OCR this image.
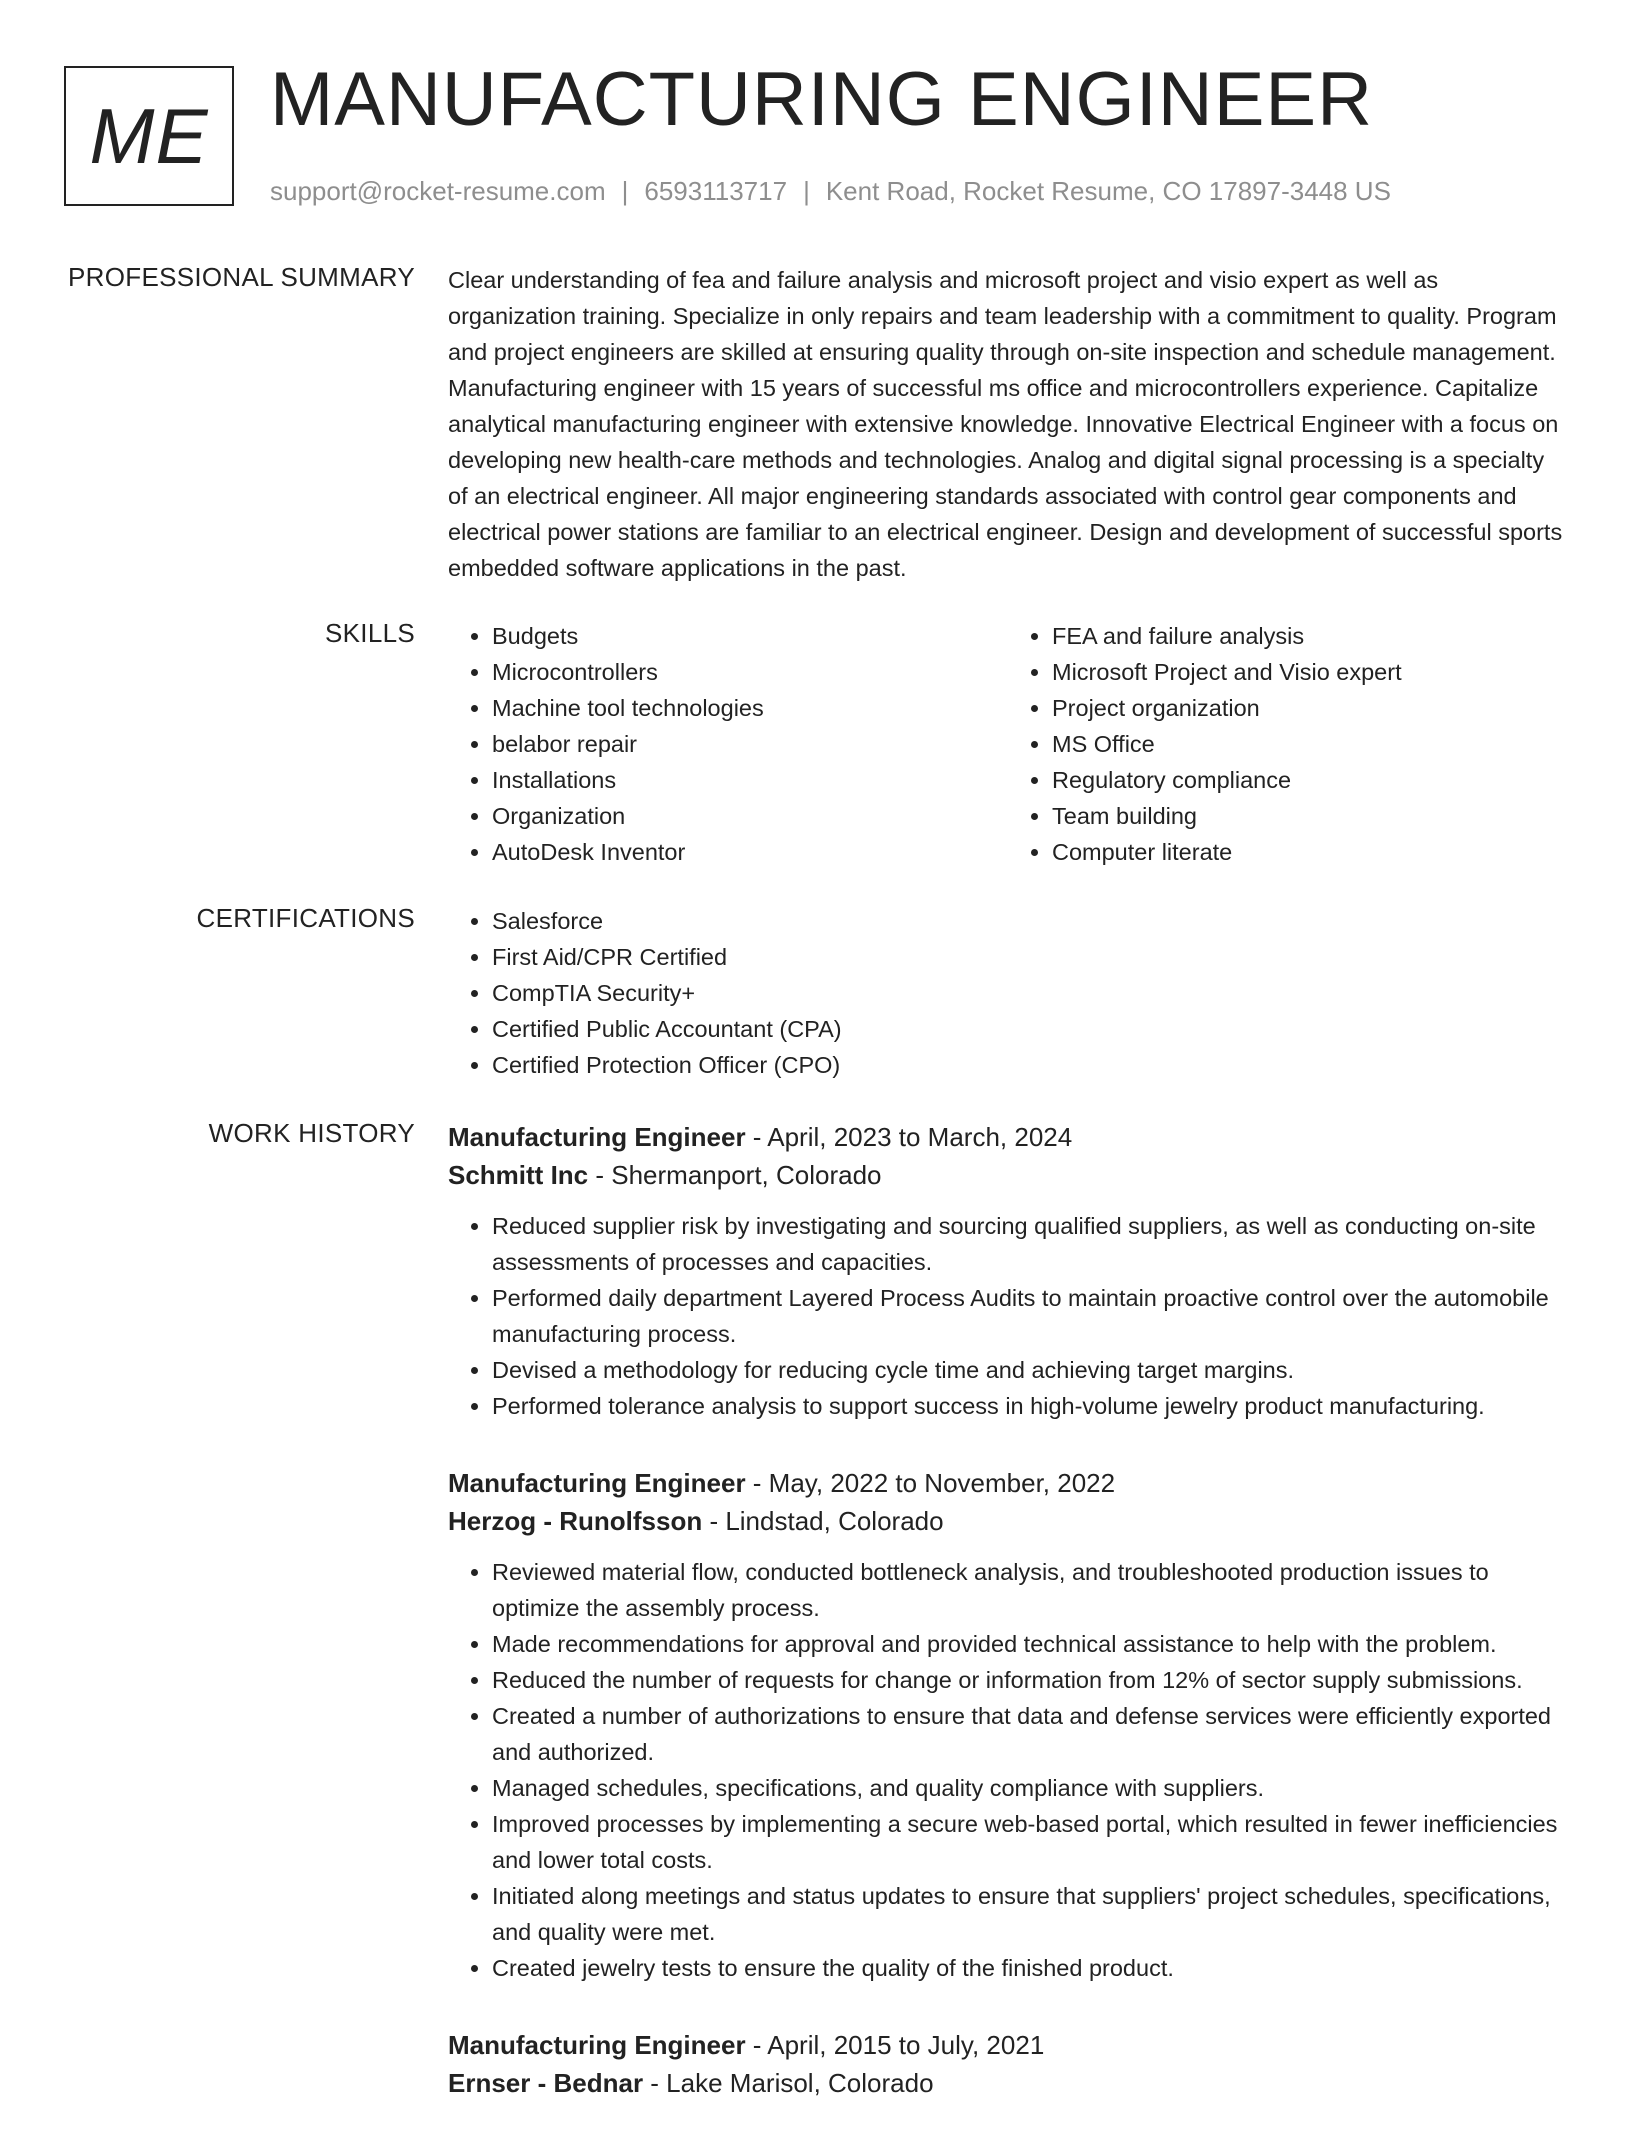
ME MANUFACTURING ENGINEER
support@rocket-resume.com | 6593113717 | Kent Road, Rocket Resume, CO 17897-3448 US
PROFESSIONAL SUMMARY Clear understanding of fea and failure analysis and microsoft project and visio expert as well as organization training. Specialize in only repairs and team leadership with a commitment to quality. Program and project engineers are skilled at ensuring quality through on-site inspection and schedule management. Manufacturing engineer with 15 years of successful ms office and microcontrollers experience. Capitalize analytical manufacturing engineer with extensive knowledge. Innovative Electrical Engineer with a focus on developing new health-care methods and technologies. Analog and digital signal processing is a specialty of an electrical engineer. All major engineering standards associated with control gear components and electrical power stations are familiar to an electrical engineer. Design and development of successful sports embedded software applications in the past.

SKILLS	• Budgets
• Microcontrollers
• Machine tool technologies
• belabor repair
• Installations
• Organization
• AutoDesk Inventor
• FEA and failure analysis
• Microsoft Project and Visio expert
• Project organization
• MS Office
• Regulatory compliance
• Team building
• Computer literate
CERTIFICATIONS	• Salesforce
• First Aid/CPR Certified
• CompTIA Security+
• Certified Public Accountant (CPA)
• Certified Protection Officer (CPO)
WORK HISTORY Manufacturing Engineer - April, 2023 to March, 2024
Schmitt Inc - Shermanport, Colorado
• Reduced supplier risk by investigating and sourcing qualified suppliers, as well as conducting on-site assessments of processes and capacities.
• Performed daily department Layered Process Audits to maintain proactive control over the automobile manufacturing process.
• Devised a methodology for reducing cycle time and achieving target margins.
• Performed tolerance analysis to support success in high-volume jewelry product manufacturing.
Manufacturing Engineer - May, 2022 to November, 2022
Herzog - Runolfsson - Lindstad, Colorado
• Reviewed material flow, conducted bottleneck analysis, and troubleshooted production issues to optimize the assembly process.
• Made recommendations for approval and provided technical assistance to help with the problem.
• Reduced the number of requests for change or information from 12% of sector supply submissions.
• Created a number of authorizations to ensure that data and defense services were efficiently exported and authorized.
• Managed schedules, specifications, and quality compliance with suppliers.
• Improved processes by implementing a secure web-based portal, which resulted in fewer inefficiencies and lower total costs.
• Initiated along meetings and status updates to ensure that suppliers' project schedules, specifications, and quality were met.
• Created jewelry tests to ensure the quality of the finished product.
Manufacturing Engineer - April, 2015 to July, 2021
Ernser - Bednar - Lake Marisol, Colorado
